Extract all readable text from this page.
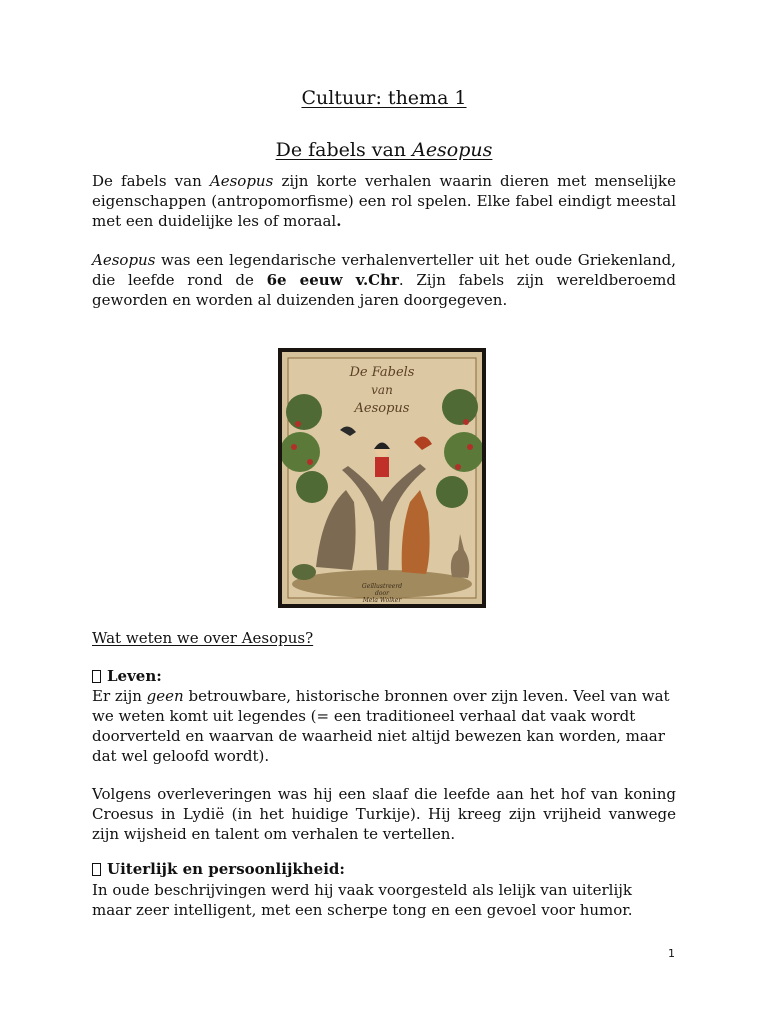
Cultuur: thema 1
De fabels van Aesopus

De fabels van Aesopus zijn korte verhalen waarin dieren met menselijke eigenschappen (antropomorfisme) een rol spelen. Elke fabel eindigt meestal met een duidelijke les of moraal.

Aesopus was een legendarische verhalenverteller uit het oude Griekenland, die leefde rond de 6e eeuw v.Chr. Zijn fabels zijn wereldberoemd geworden en worden al duizenden jaren doorgegeven.

De Fabels
van
Aesopus
Geïllustreerd
door
Mela Wolker
Wat weten we over Aesopus?
Leven:

Er zijn geen betrouwbare, historische bronnen over zijn leven. Veel van wat we weten komt uit legendes (= een traditioneel verhaal dat vaak wordt doorverteld en waarvan de waarheid niet altijd bewezen kan worden, maar dat wel geloofd wordt).

Volgens overleveringen was hij een slaaf die leefde aan het hof van koning Croesus in Lydië (in het huidige Turkije). Hij kreeg zijn vrijheid vanwege zijn wijsheid en talent om verhalen te vertellen.

Uiterlijk en persoonlijkheid:

In oude beschrijvingen werd hij vaak voorgesteld als lelijk van uiterlijk maar zeer intelligent, met een scherpe tong en een gevoel voor humor.

1
